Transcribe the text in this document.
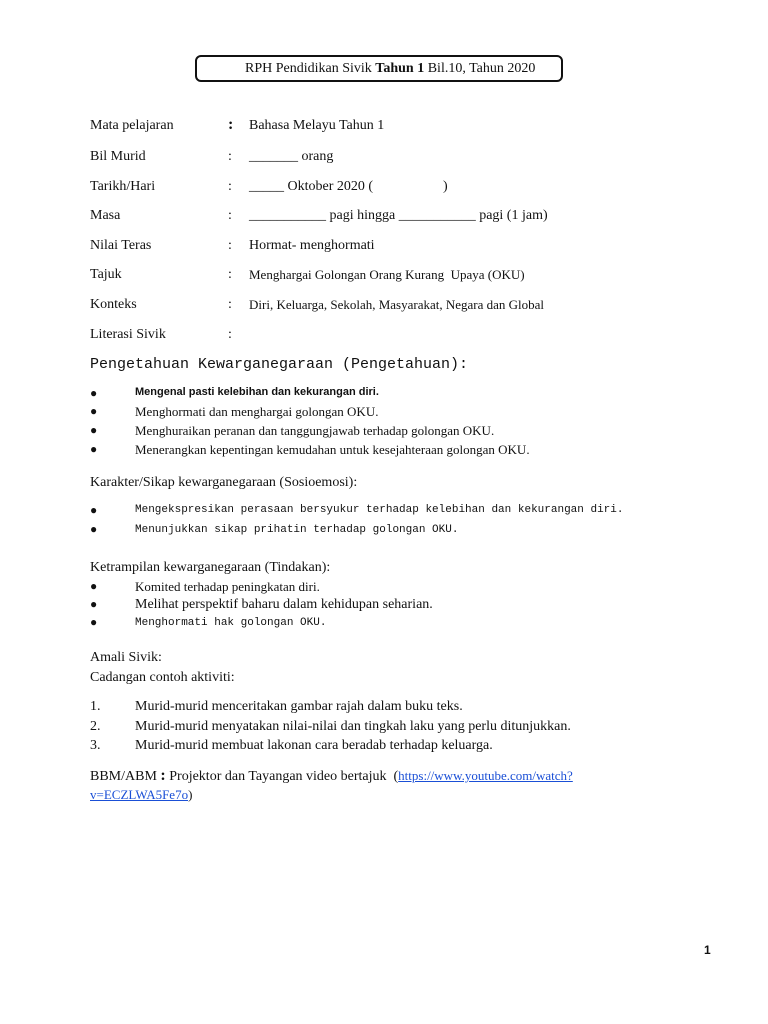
RPH Pendidikan Sivik Tahun 1 Bil.10, Tahun 2020
Mata pelajaran	: Bahasa Melayu Tahun 1
Bil Murid	: _______ orang
Tarikh/Hari	: _____ Oktober 2020 (                    )
Masa	: ___________ pagi hingga ___________ pagi (1 jam)
Nilai Teras	: Hormat- menghormati
Tajuk	: Menghargai Golongan Orang Kurang  Upaya (OKU)
Konteks	: Diri, Keluarga, Sekolah, Masyarakat, Negara dan Global
Literasi Sivik	:
Pengetahuan Kewarganegaraan (Pengetahuan):
●	Mengenal pasti kelebihan dan kekurangan diri.
●	Menghormati dan menghargai golongan OKU.
●	Menghuraikan peranan dan tanggungjawab terhadap golongan OKU.
●	Menerangkan kepentingan kemudahan untuk kesejahteraan golongan OKU.
Karakter/Sikap kewarganegaraan (Sosioemosi):
●	Mengekspresikan perasaan bersyukur terhadap kelebihan dan kekurangan diri.
●	Menunjukkan sikap prihatin terhadap golongan OKU.
Ketrampilan kewarganegaraan (Tindakan):
●	Komited terhadap peningkatan diri.
●	Melihat perspektif baharu dalam kehidupan seharian.
●	Menghormati hak golongan OKU.
Amali Sivik:
Cadangan contoh aktiviti:
1. Murid-murid menceritakan gambar rajah dalam buku teks.
2. Murid-murid menyatakan nilai-nilai dan tingkah laku yang perlu ditunjukkan.
3. Murid-murid membuat lakonan cara beradab terhadap keluarga.
BBM/ABM : Projektor dan Tayangan video bertajuk  (https://www.youtube.com/watch?
v=ECZLWA5Fe7o)
1
